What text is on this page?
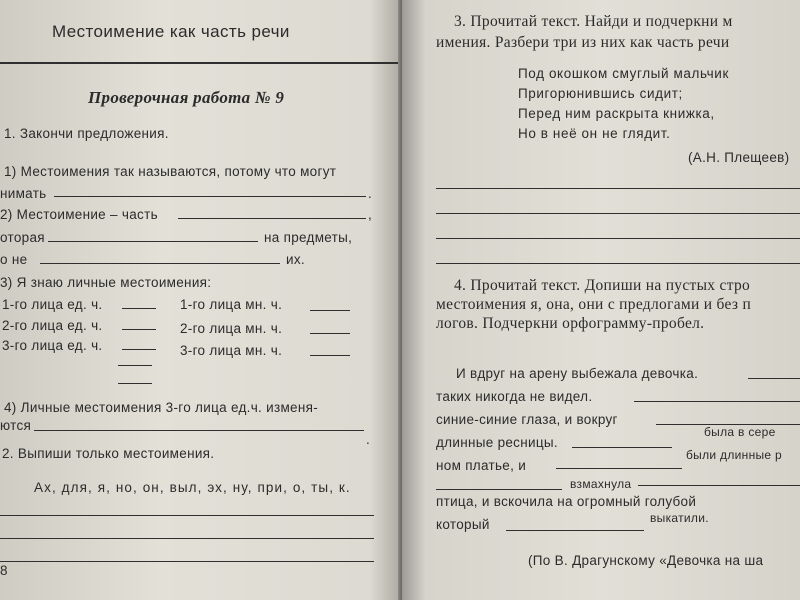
Местоимение как часть речи
Проверочная работа № 9
1. Закончи предложения.
1) Местоимения так называются, потому что могут
нимать	.
2) Местоимение – часть	,
оторая	на предметы,
о не	их.
3) Я знаю личные местоимения:
1-го лица ед. ч.	1-го лица мн. ч.
2-го лица ед. ч.	2-го лица мн. ч.
3-го лица ед. ч.	3-го лица мн. ч.
4) Личные местоимения 3-го лица ед.ч. изменя-
ются
.
2. Выпиши только местоимения.
Ах, для, я, но, он, выл, эх, ну, при, о, ты, к.
8
3. Прочитай текст. Найди и подчеркни м
имения. Разбери три из них как часть речи
Под окошком смуглый мальчик
Пригорюнившись сидит;
Перед ним раскрыта книжка,
Но в неё он не глядит.
(А.Н. Плещеев)
4. Прочитай текст. Допиши на пустых стро
местоимения я, она, они с предлогами и без п
логов. Подчеркни орфограмму-пробел.
И вдруг на арену выбежала девочка.
таких никогда не видел.
синие-синие глаза, и вокруг
длинные ресницы.
была в сере
ном платье, и
были длинные р
взмахнула
птица, и вскочила на огромный голубой
который	выкатили.
(По В. Драгунскому «Девочка на ша
